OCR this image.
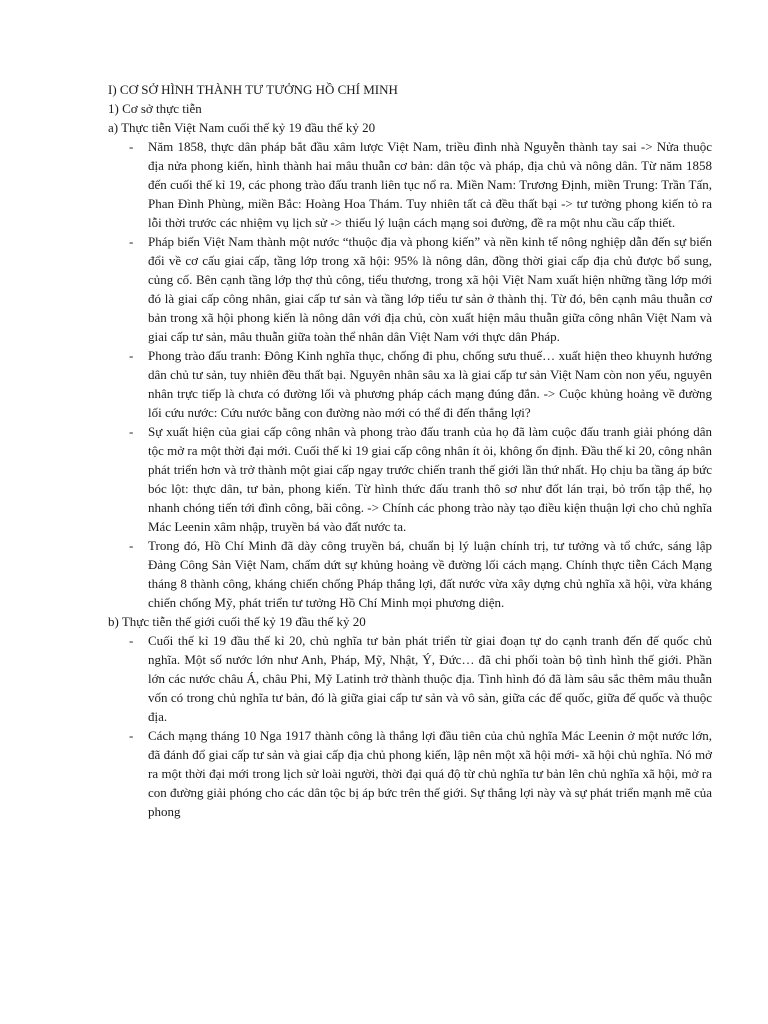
I) CƠ SỞ HÌNH THÀNH TƯ TƯỞNG HỒ CHÍ MINH
1) Cơ sở thực tiễn
a) Thực tiễn Việt Nam cuối thế kỷ 19 đầu thế kỷ 20
- Năm 1858, thực dân pháp bắt đầu xâm lược Việt Nam, triều đình nhà Nguyễn thành tay sai -> Nửa thuộc địa nửa phong kiến, hình thành hai mâu thuẫn cơ bản: dân tộc và pháp, địa chủ và nông dân. Từ năm 1858 đến cuối thế kỉ 19, các phong trào đấu tranh liên tục nổ ra. Miền Nam: Trương Định, miền Trung: Trần Tấn, Phan Đình Phùng, miền Bắc: Hoàng Hoa Thám. Tuy nhiên tất cả đều thất bại -> tư tưởng phong kiến tỏ ra lỗi thời trước các nhiệm vụ lịch sử -> thiếu lý luận cách mạng soi đường, đề ra một nhu cầu cấp thiết.
- Pháp biến Việt Nam thành một nước “thuộc địa và phong kiến” và nền kinh tế nông nghiệp dẫn đến sự biến đổi về cơ cấu giai cấp, tầng lớp trong xã hội: 95% là nông dân, đồng thời giai cấp địa chủ được bổ sung, củng cố. Bên cạnh tầng lớp thợ thủ công, tiểu thương, trong xã hội Việt Nam xuất hiện những tầng lớp mới đó là giai cấp công nhân, giai cấp tư sản và tầng lớp tiểu tư sản ở thành thị. Từ đó, bên cạnh mâu thuẫn cơ bản trong xã hội phong kiến là nông dân với địa chủ, còn xuất hiện mâu thuẫn giữa công nhân Việt Nam và giai cấp tư sản, mâu thuẫn giữa toàn thể nhân dân Việt Nam với thực dân Pháp.
- Phong trào đấu tranh: Đông Kinh nghĩa thục, chống đi phu, chống sưu thuế… xuất hiện theo khuynh hướng dân chủ tư sản, tuy nhiên đều thất bại. Nguyên nhân sâu xa là giai cấp tư sản Việt Nam còn non yếu, nguyên nhân trực tiếp là chưa có đường lối và phương pháp cách mạng đúng đắn. -> Cuộc khủng hoảng về đường lối cứu nước: Cứu nước bằng con đường nào mới có thể đi đến thắng lợi?
- Sự xuất hiện của giai cấp công nhân và phong trào đấu tranh của họ đã làm cuộc đấu tranh giải phóng dân tộc mở ra một thời đại mới. Cuối thế kỉ 19 giai cấp công nhân ít ỏi, không ổn định. Đầu thế kỉ 20, công nhân phát triển hơn và trở thành một giai cấp ngay trước chiến tranh thế giới lần thứ nhất. Họ chịu ba tầng áp bức bóc lột: thực dân, tư bản, phong kiến. Từ hình thức đấu tranh thô sơ như đốt lán trại, bỏ trốn tập thể, họ nhanh chóng tiến tới đình công, bãi công. -> Chính các phong trào này tạo điều kiện thuận lợi cho chủ nghĩa Mác Leenin xâm nhập, truyền bá vào đất nước ta.
- Trong đó, Hồ Chí Minh đã dày công truyền bá, chuẩn bị lý luận chính trị, tư tưởng và tổ chức, sáng lập Đảng Công Sản Việt Nam, chấm dứt sự khủng hoảng về đường lối cách mạng. Chính thực tiễn Cách Mạng tháng 8 thành công, kháng chiến chống Pháp thắng lợi, đất nước vừa xây dựng chủ nghĩa xã hội, vừa kháng chiến chống Mỹ, phát triển tư tưởng Hồ Chí Minh mọi phương diện.
b) Thực tiễn thế giới cuối thế kỷ 19 đầu thế kỷ 20
- Cuối thế kỉ 19 đầu thế kỉ 20, chủ nghĩa tư bản phát triển từ giai đoạn tự do cạnh tranh đến đế quốc chủ nghĩa. Một số nước lớn như Anh, Pháp, Mỹ, Nhật, Ý, Đức… đã chi phối toàn bộ tình hình thế giới. Phần lớn các nước châu Á, châu Phi, Mỹ Latinh trở thành thuộc địa. Tình hình đó đã làm sâu sắc thêm mâu thuẫn vốn có trong chủ nghĩa tư bản, đó là giữa giai cấp tư sản và vô sản, giữa các đế quốc, giữa đế quốc và thuộc địa.
- Cách mạng tháng 10 Nga 1917 thành công là thắng lợi đầu tiên của chủ nghĩa Mác Leenin ở một nước lớn, đã đánh đổ giai cấp tư sản và giai cấp địa chủ phong kiến, lập nên một xã hội mới- xã hội chủ nghĩa. Nó mở ra một thời đại mới trong lịch sử loài người, thời đại quá độ từ chủ nghĩa tư bản lên chủ nghĩa xã hội, mở ra con đường giải phóng cho các dân tộc bị áp bức trên thế giới. Sự thắng lợi này và sự phát triển mạnh mẽ của phong
